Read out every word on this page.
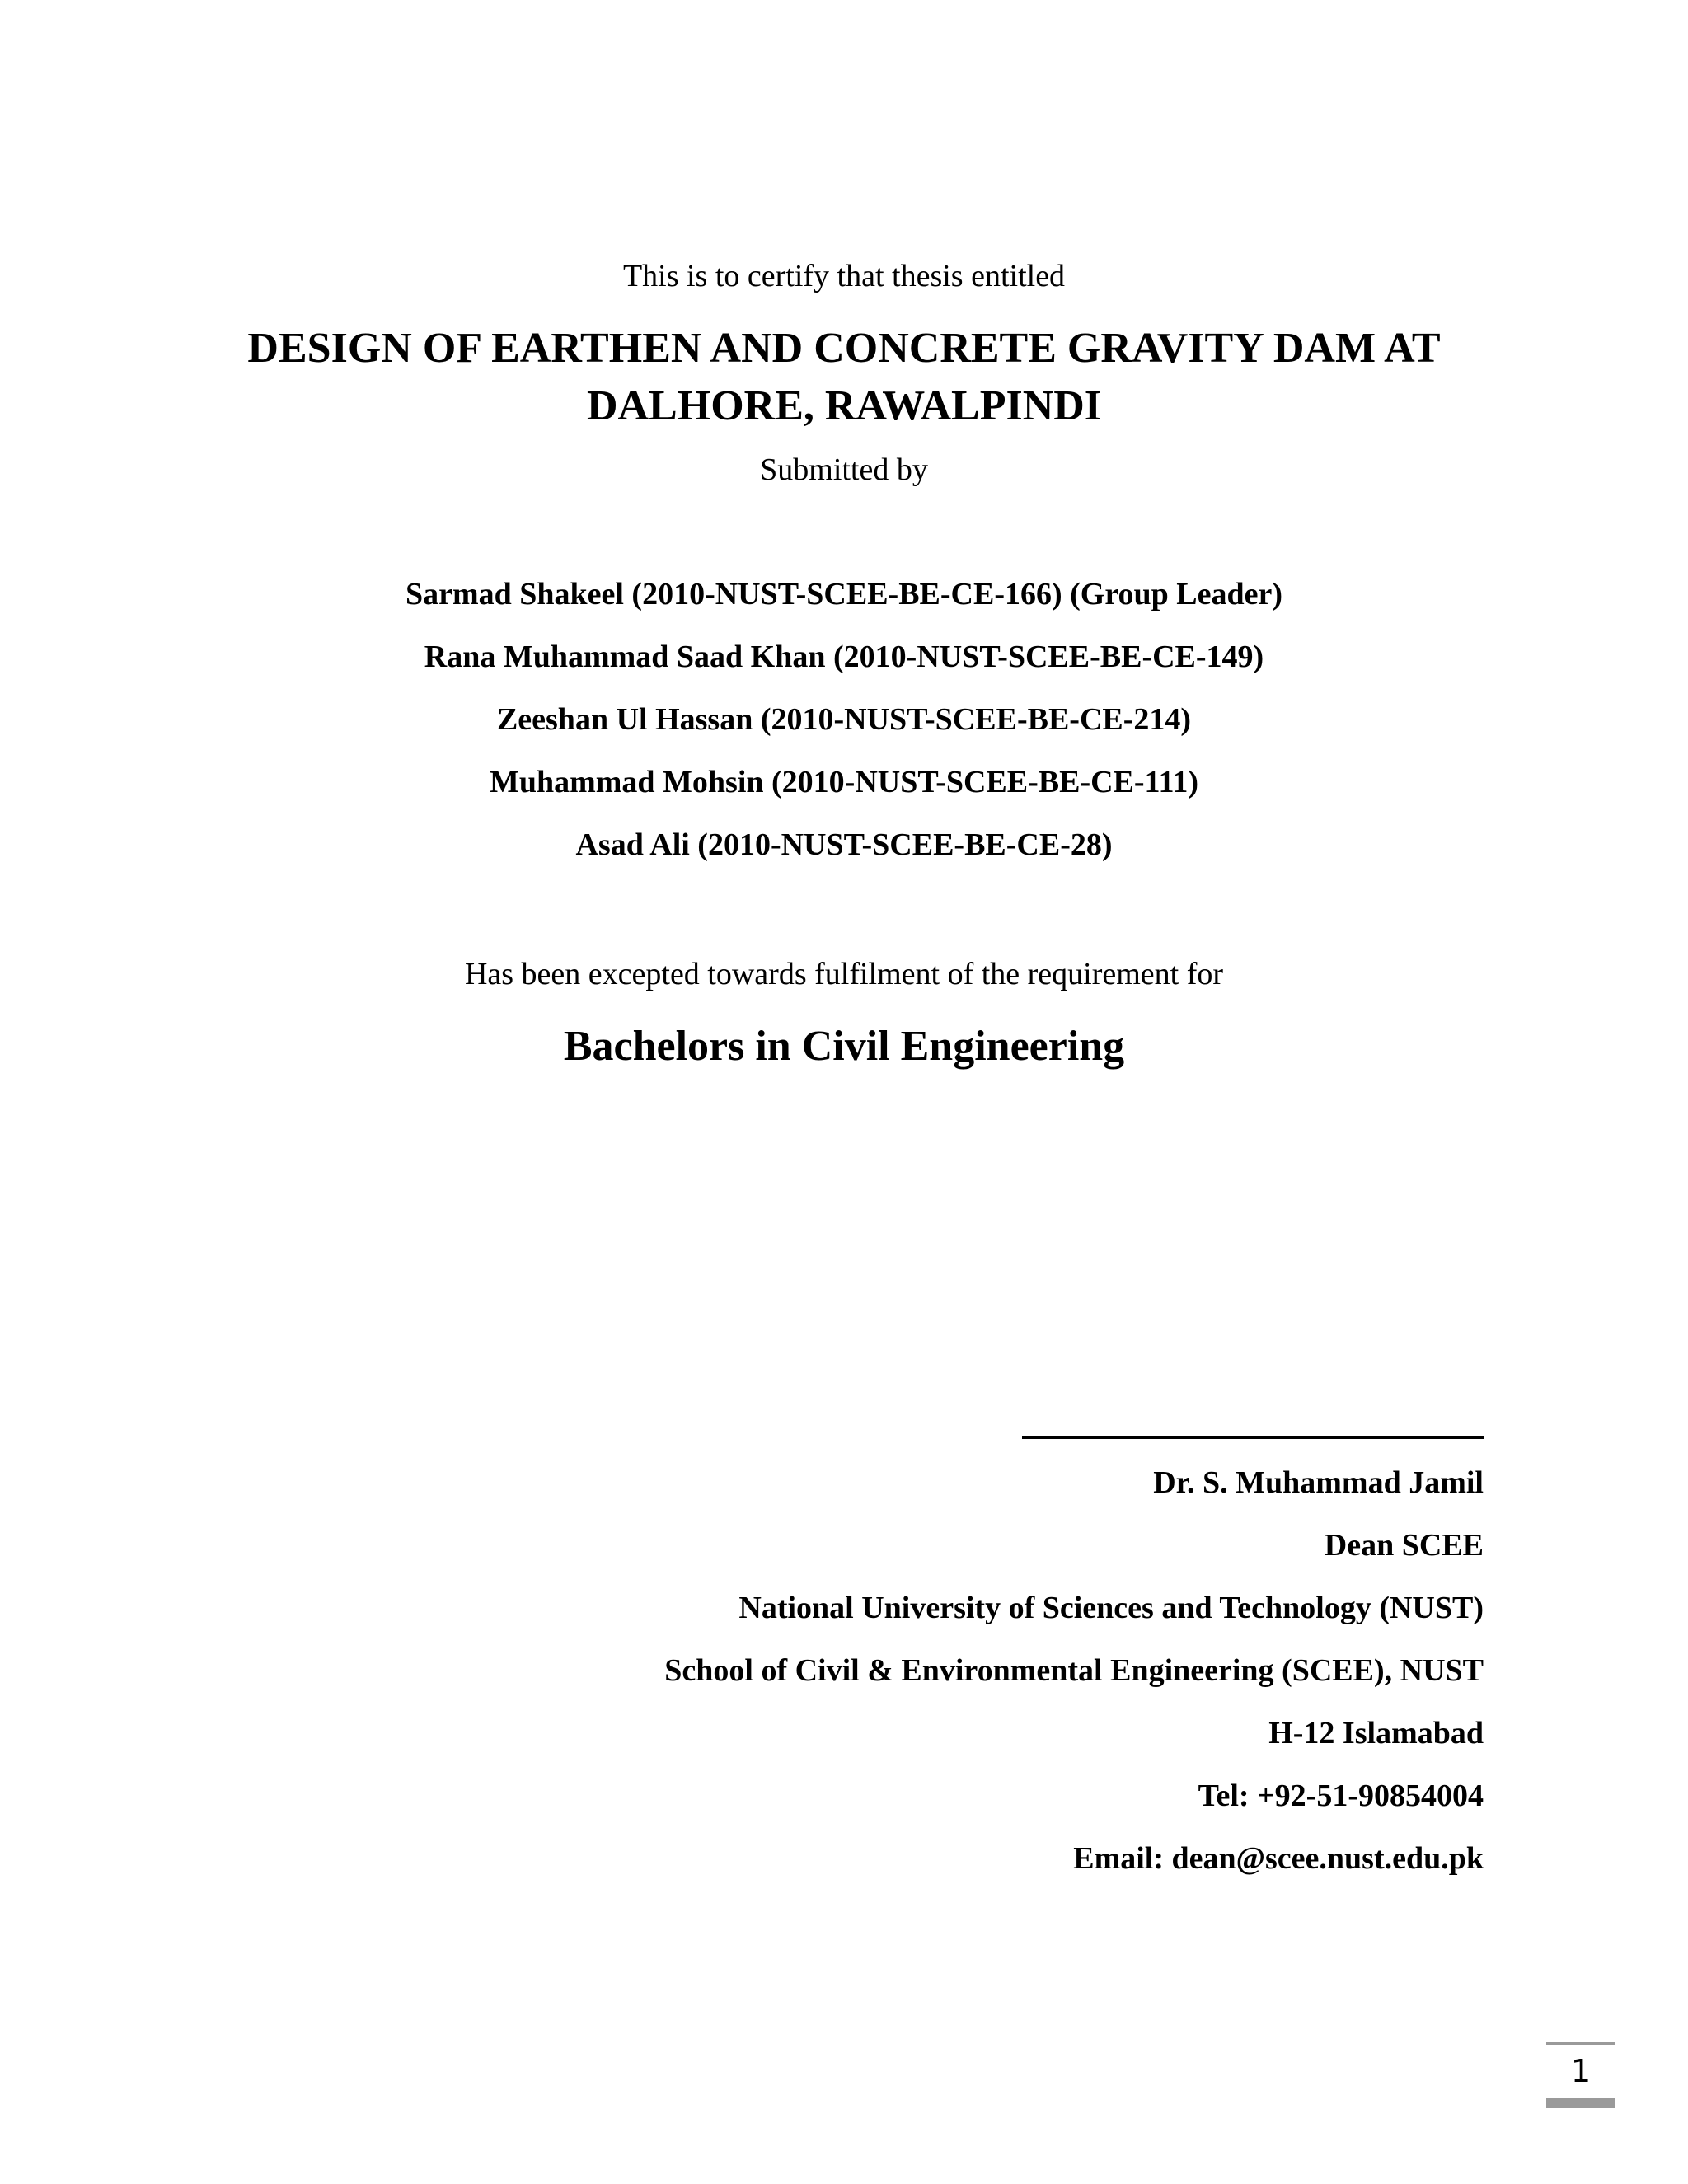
This is to certify that thesis entitled
DESIGN OF EARTHEN AND CONCRETE GRAVITY DAM AT
DALHORE, RAWALPINDI
Submitted by
Sarmad Shakeel (2010-NUST-SCEE-BE-CE-166) (Group Leader)
Rana Muhammad Saad Khan (2010-NUST-SCEE-BE-CE-149)
Zeeshan Ul Hassan (2010-NUST-SCEE-BE-CE-214)
Muhammad Mohsin (2010-NUST-SCEE-BE-CE-111)
Asad Ali (2010-NUST-SCEE-BE-CE-28)
Has been excepted towards fulfilment of the requirement for
Bachelors in Civil Engineering
Dr. S. Muhammad Jamil
Dean SCEE
National University of Sciences and Technology (NUST)
School of Civil & Environmental Engineering (SCEE), NUST
H-12 Islamabad
Tel: +92-51-90854004
Email: dean@scee.nust.edu.pk
1
